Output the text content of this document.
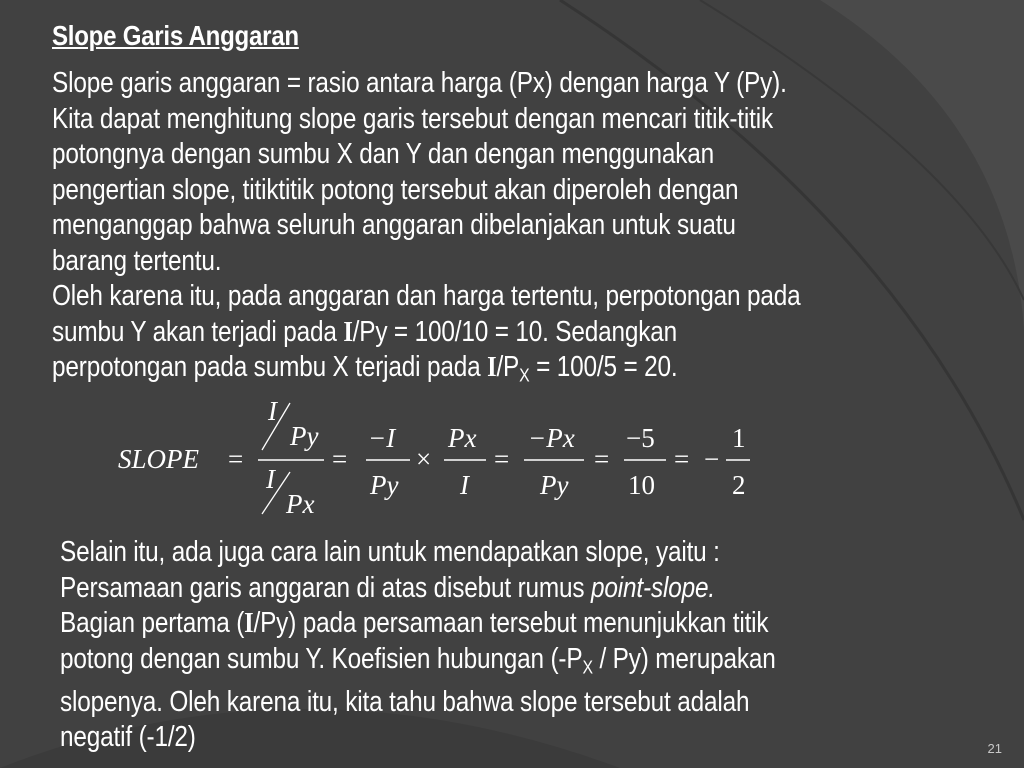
Slope Garis Anggaran
Slope garis anggaran = rasio antara harga (Px) dengan harga Y (Py).
Kita dapat menghitung slope garis tersebut dengan mencari titik-titik
potongnya dengan sumbu X dan Y dan dengan menggunakan
pengertian slope, titiktitik potong tersebut akan diperoleh dengan
menganggap bahwa seluruh anggaran dibelanjakan untuk suatu
barang tertentu.
Oleh karena itu, pada anggaran dan harga tertentu, perpotongan pada
sumbu Y akan terjadi pada I/Py = 100/10 = 10. Sedangkan
perpotongan pada sumbu X terjadi pada $I/P_X = 100/5 = 20$.
SLOPE =
I
Py
I
Px
=
−I
Py
×
Px
I
=
−Px
Py
=
−5
10
= −
1
2
Selain itu, ada juga cara lain untuk mendapatkan slope, yaitu :
Persamaan garis anggaran di atas disebut rumus point-slope.
Bagian pertama (I/Py) pada persamaan tersebut menunjukkan titik
potong dengan sumbu Y. Koefisien hubungan $(-P_X / Py)$ merupakan
slopenya. Oleh karena itu, kita tahu bahwa slope tersebut adalah
negatif (-1/2)	21
